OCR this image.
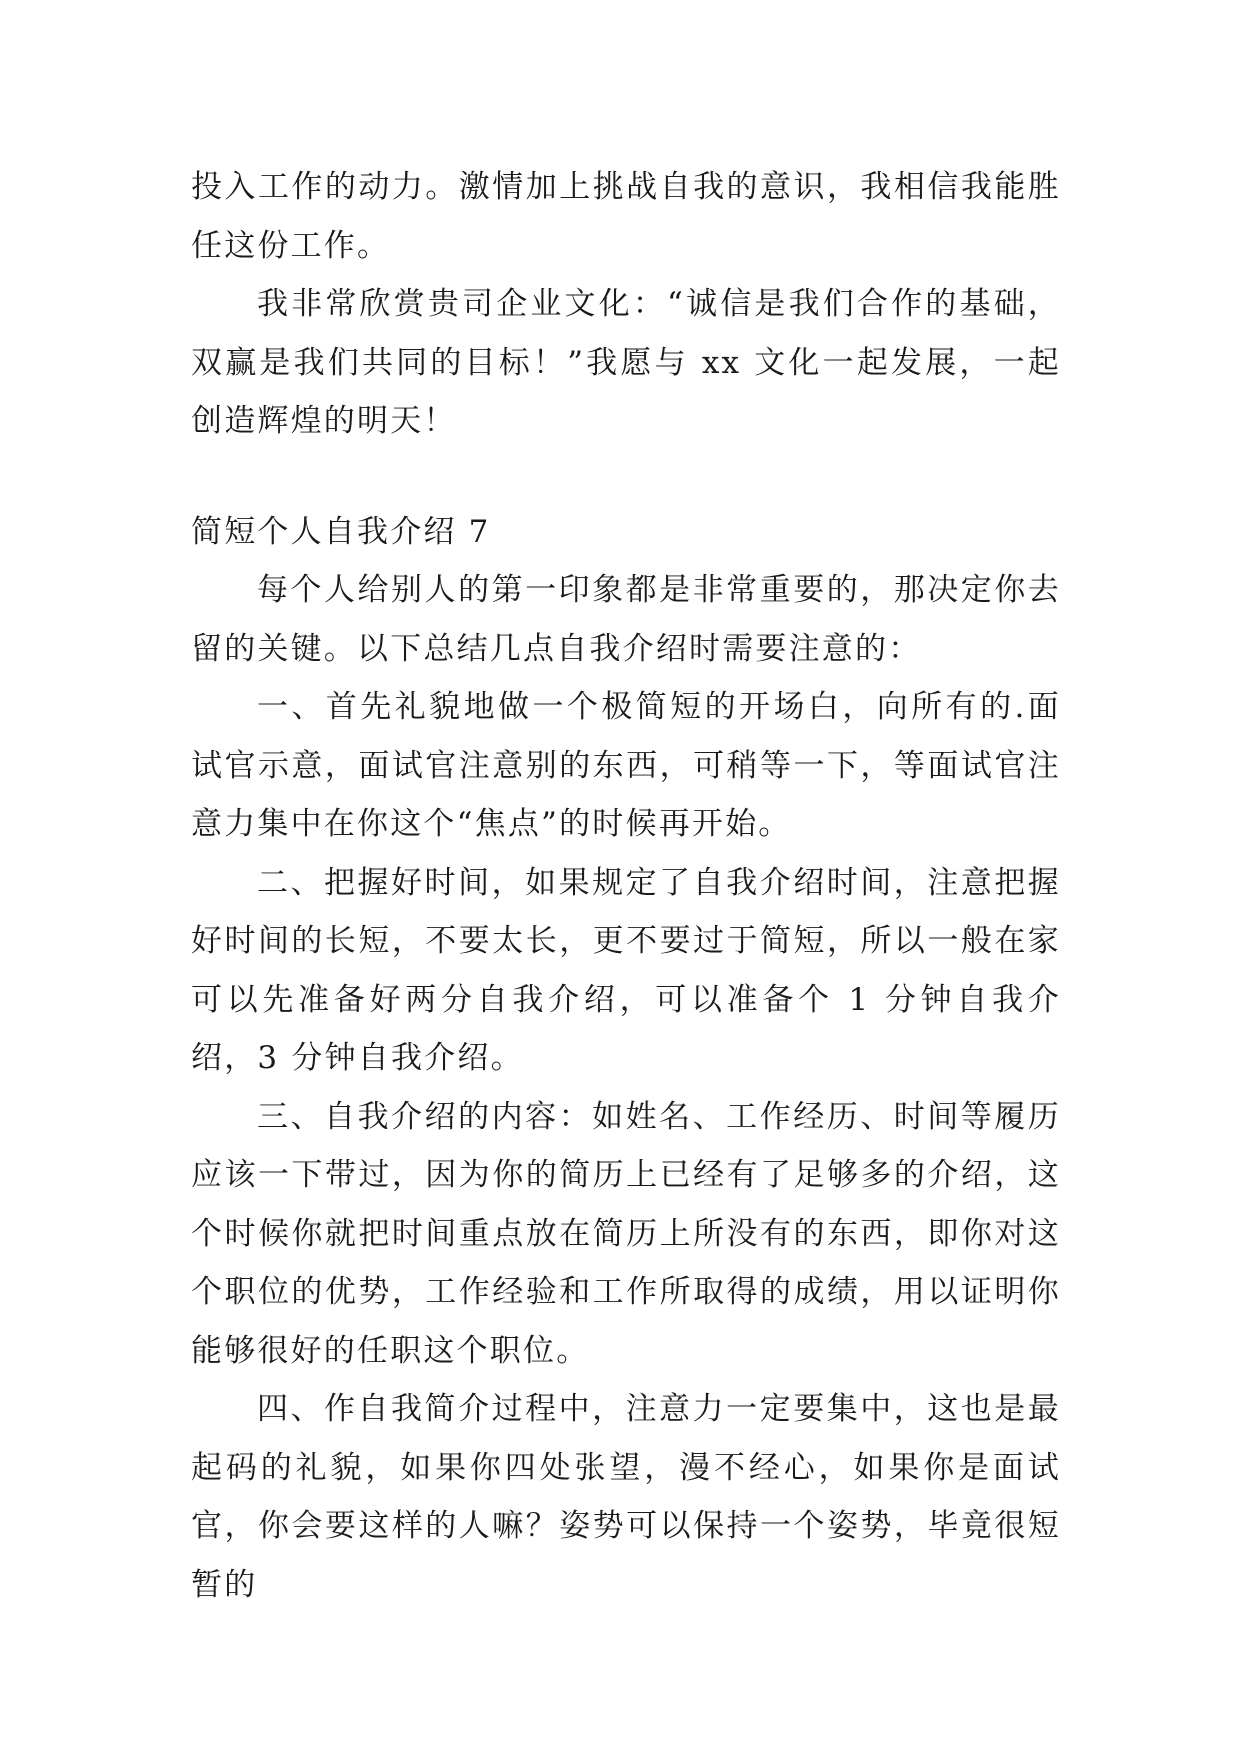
投入工作的动力。激情加上挑战自我的意识，我相信我能胜任这份工作。

我非常欣赏贵司企业文化：“诚信是我们合作的基础，双赢是我们共同的目标！”我愿与 xx 文化一起发展，一起创造辉煌的明天！

简短个人自我介绍 7

每个人给别人的第一印象都是非常重要的，那决定你去留的关键。以下总结几点自我介绍时需要注意的：

一、首先礼貌地做一个极简短的开场白，向所有的.面试官示意，面试官注意别的东西，可稍等一下，等面试官注意力集中在你这个“焦点”的时候再开始。

二、把握好时间，如果规定了自我介绍时间，注意把握好时间的长短，不要太长，更不要过于简短，所以一般在家可以先准备好两分自我介绍，可以准备个 1 分钟自我介绍，3 分钟自我介绍。

三、自我介绍的内容：如姓名、工作经历、时间等履历应该一下带过，因为你的简历上已经有了足够多的介绍，这个时候你就把时间重点放在简历上所没有的东西，即你对这个职位的优势，工作经验和工作所取得的成绩，用以证明你能够很好的任职这个职位。

四、作自我简介过程中，注意力一定要集中，这也是最起码的礼貌，如果你四处张望，漫不经心，如果你是面试官，你会要这样的人嘛？姿势可以保持一个姿势，毕竟很短暂的
